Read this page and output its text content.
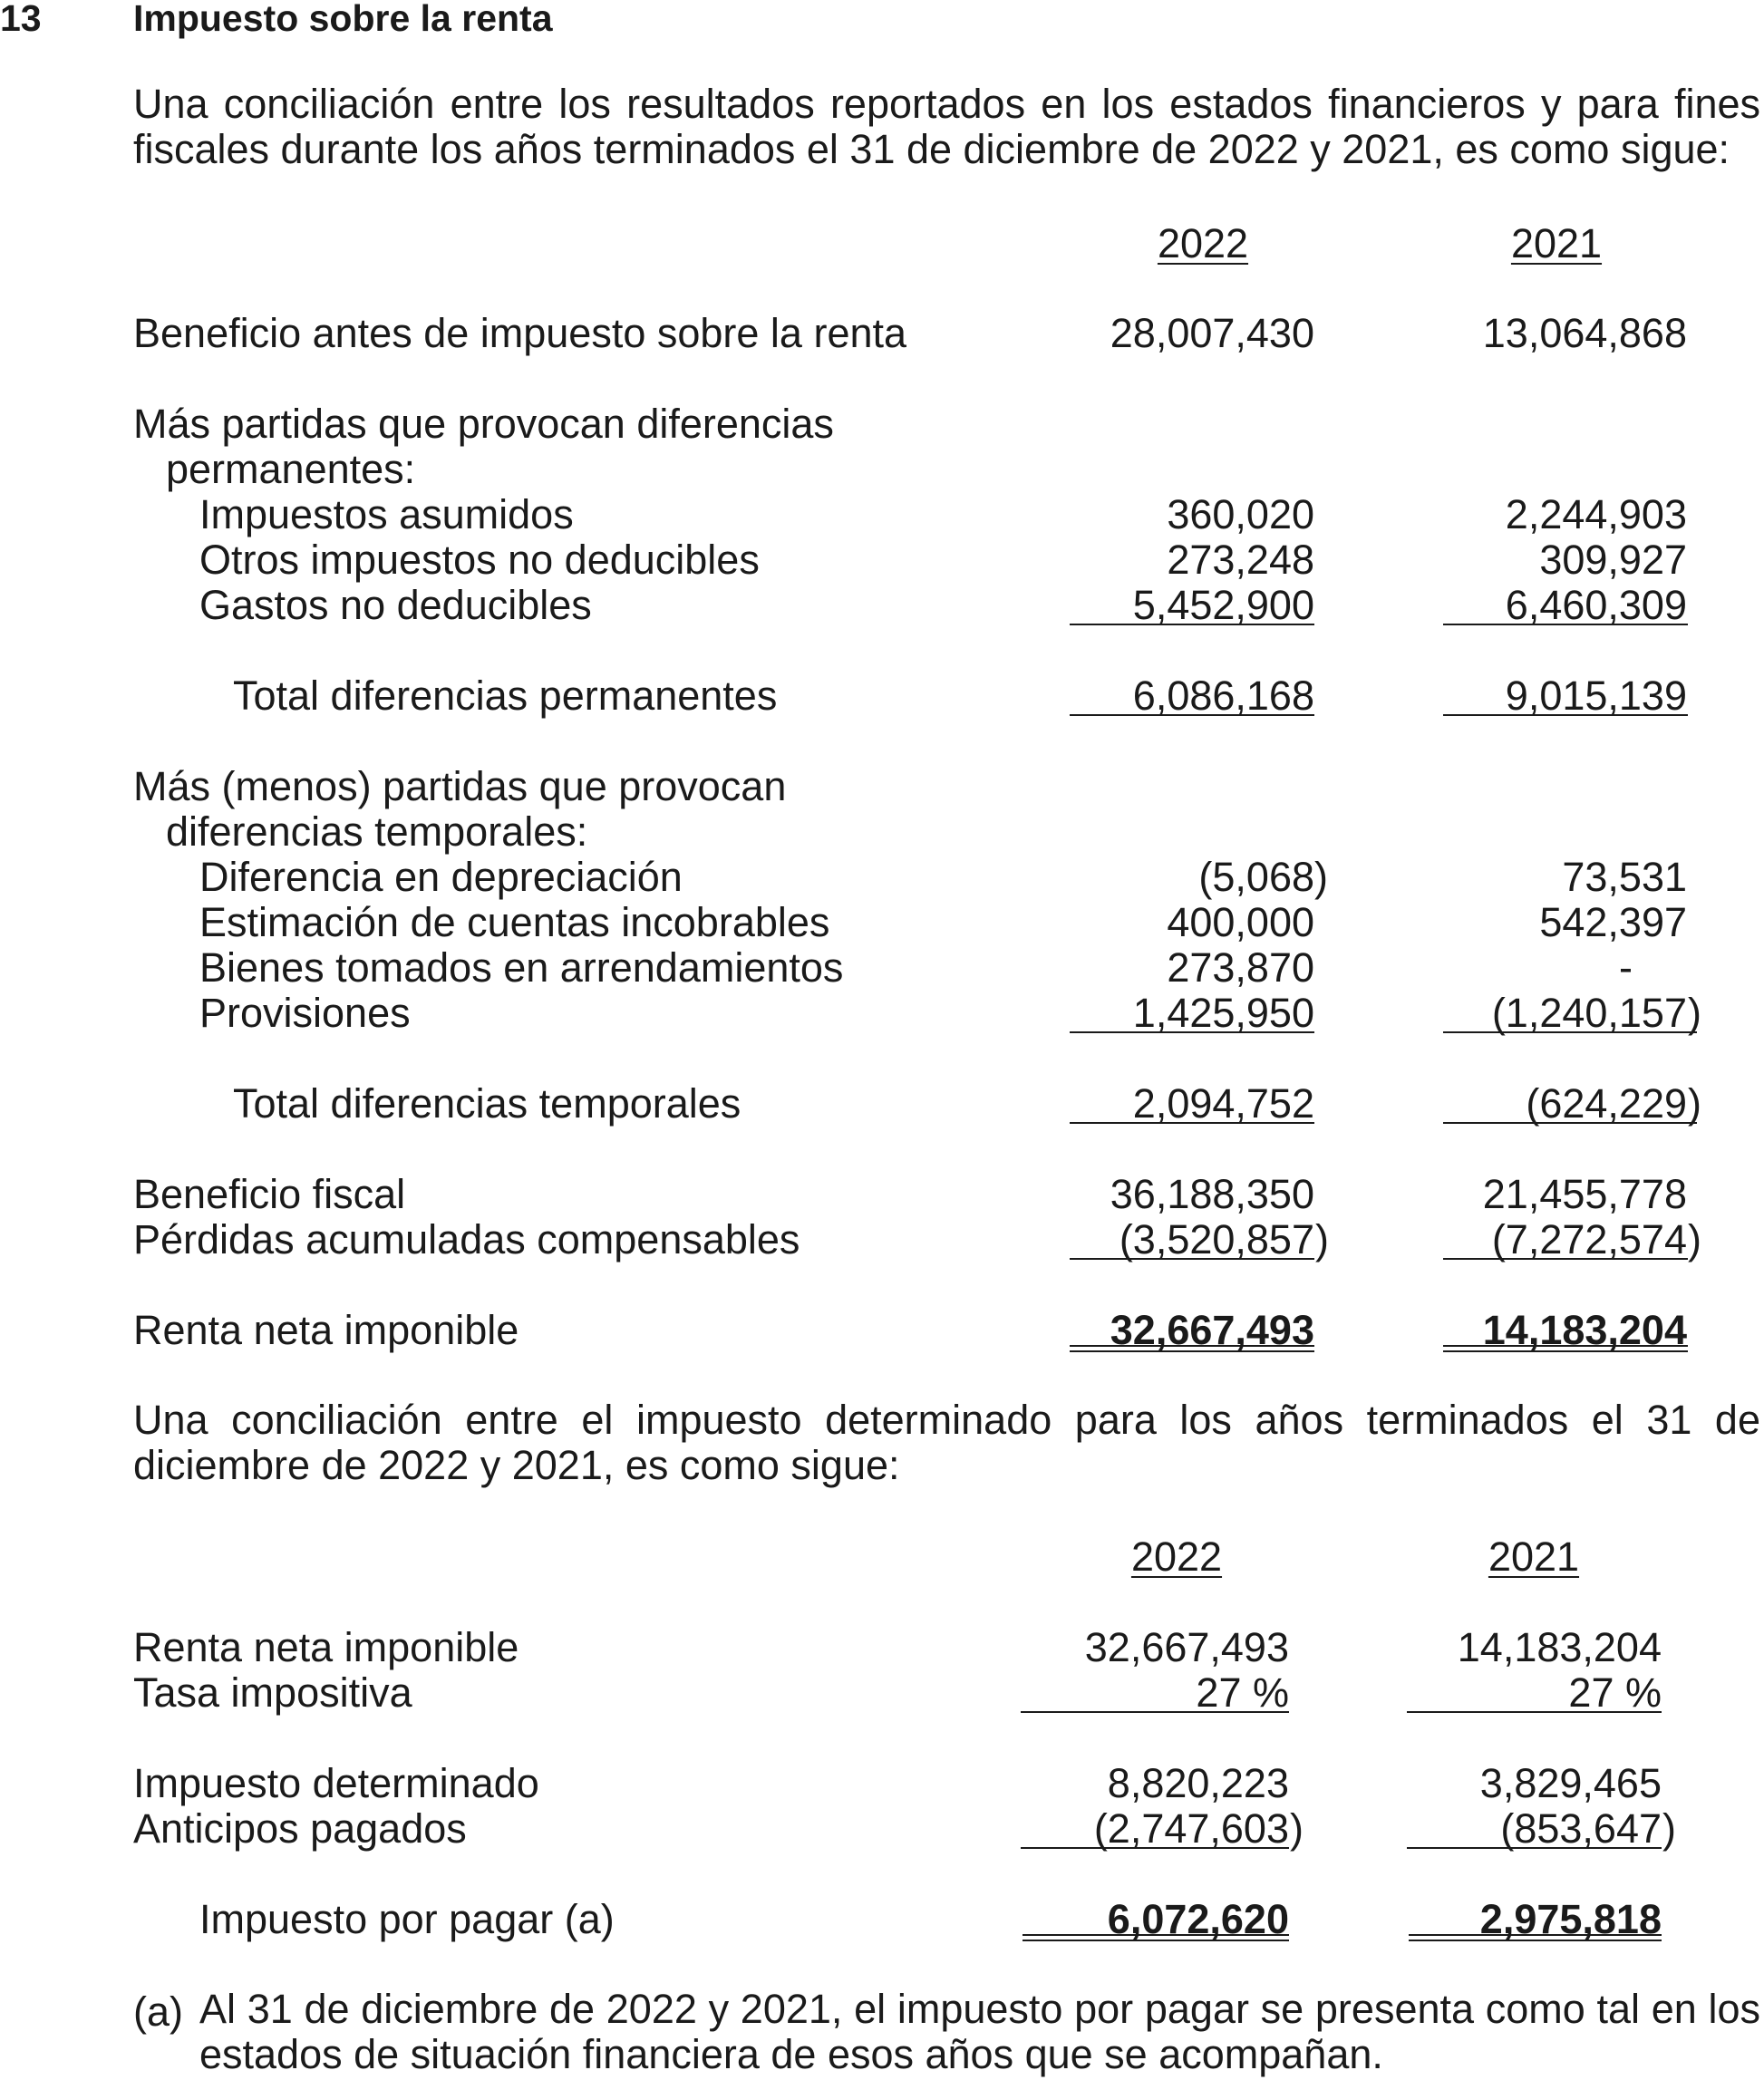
13 Impuesto sobre la renta

Una conciliación entre los resultados reportados en los estados financieros y para fines fiscales durante los años terminados el 31 de diciembre de 2022 y 2021, es como sigue:

2022	2021
Beneficio antes de impuesto sobre la renta	28,007,430	13,064,868
Más partidas que provocan diferencias
permanentes:
Impuestos asumidos	360,020	2,244,903
Otros impuestos no deducibles	273,248	309,927
Gastos no deducibles	5,452,900	6,460,309
Total diferencias permanentes	6,086,168	9,015,139
Más (menos) partidas que provocan
diferencias temporales:
Diferencia en depreciación	(5,068)	73,531
Estimación de cuentas incobrables	400,000	542,397
Bienes tomados en arrendamientos	273,870	-
Provisiones	1,425,950	(1,240,157 )
Total diferencias temporales	2,094,752	(624,229 )
Beneficio fiscal	36,188,350	21,455,778
Pérdidas acumuladas compensables	(3,520,857 )	(7,272,574 )
Renta neta imponible	32,667,493	14,183,204

Una conciliación entre el impuesto determinado para los años terminados el 31 de diciembre de 2022 y 2021, es como sigue:

2022	2021
Renta neta imponible	32,667,493	14,183,204
Tasa impositiva	27 %	27 %
Impuesto determinado	8,820,223	3,829,465
Anticipos pagados	(2,747,603 )	(853,647 )
Impuesto por pagar (a)	6,072,620	2,975,818
(a) Al 31 de diciembre de 2022 y 2021, el impuesto por pagar se presenta como tal en los estados de situación financiera de esos años que se acompañan.
